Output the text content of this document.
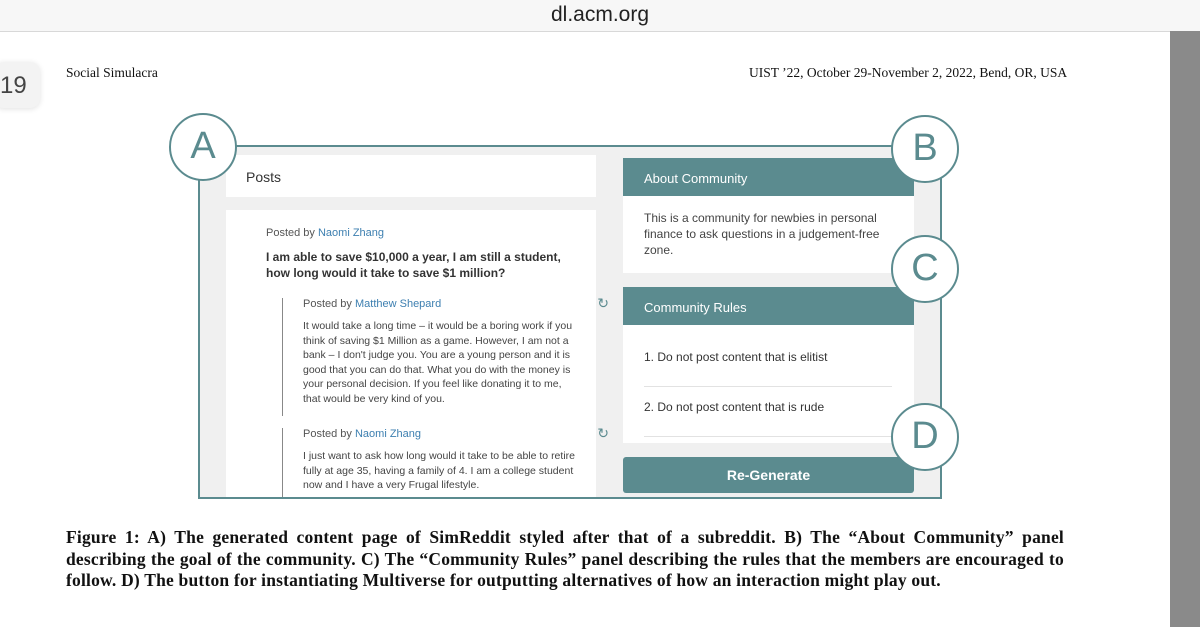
dl.acm.org
19	Social Simulacra	UIST ’22, October 29-November 2, 2022, Bend, OR, USA
Posts
Posted by Naomi Zhang
I am able to save $10,000 a year, I am still a student, how long would it take to save $1 million?
Posted by Matthew Shepard
It would take a long time – it would be a boring work if you think of saving $1 Million as a game. However, I am not a bank – I don't judge you. You are a young person and it is good that you can do that. What you do with the money is your personal decision. If you feel like donating it to me, that would be very kind of you.
↻
Posted by Naomi Zhang
I just want to ask how long would it take to be able to retire fully at age 35, having a family of 4. I am a college student now and I have a very Frugal lifestyle.
↻
About Community
This is a community for newbies in personal finance to ask questions in a judgement-free zone.
Community Rules
1. Do not post content that is elitist
2. Do not post content that is rude
Re-Generate
A	B
C
D
Figure 1: A) The generated content page of SimReddit styled after that of a subreddit. B) The “About Community” panel describing the goal of the community. C) The “Community Rules” panel describing the rules that the members are encouraged to follow. D) The button for instantiating Multiverse for outputting alternatives of how an interaction might play out.
